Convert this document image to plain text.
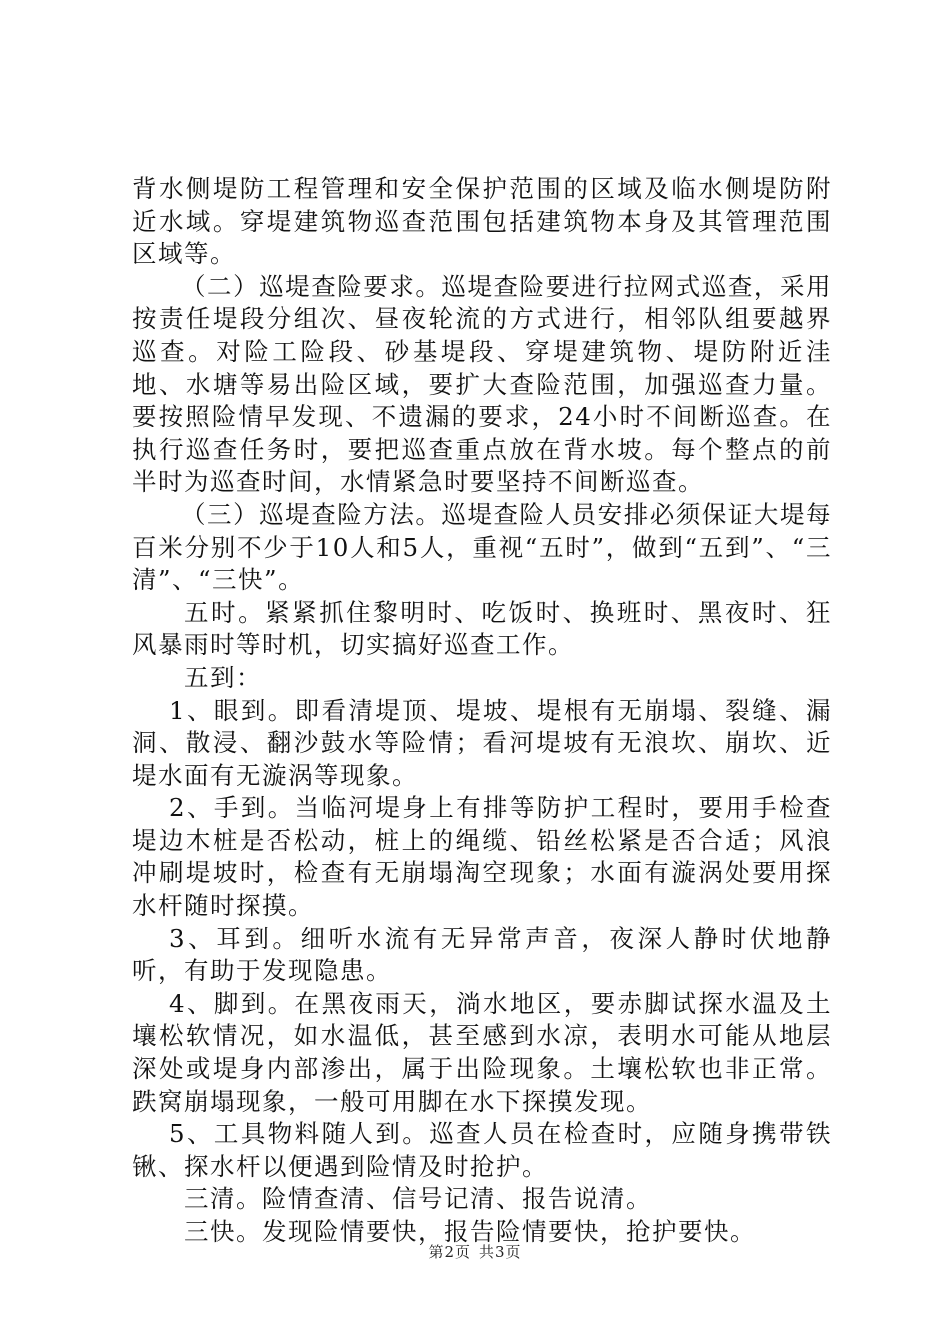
背水侧堤防工程管理和安全保护范围的区域及临水侧堤防附近水域。穿堤建筑物巡查范围包括建筑物本身及其管理范围区域等。

（二）巡堤查险要求。巡堤查险要进行拉网式巡查，采用按责任堤段分组次、昼夜轮流的方式进行，相邻队组要越界巡查。对险工险段、砂基堤段、穿堤建筑物、堤防附近洼地、水塘等易出险区域，要扩大查险范围，加强巡查力量。要按照险情早发现、不遗漏的要求，24小时不间断巡查。在执行巡查任务时，要把巡查重点放在背水坡。每个整点的前半时为巡查时间，水情紧急时要坚持不间断巡查。

（三）巡堤查险方法。巡堤查险人员安排必须保证大堤每百米分别不少于10人和5人，重视“五时”，做到“五到”、“三清”、“三快”。

五时。紧紧抓住黎明时、吃饭时、换班时、黑夜时、狂风暴雨时等时机，切实搞好巡查工作。

五到：

1、眼到。即看清堤顶、堤坡、堤根有无崩塌、裂缝、漏洞、散浸、翻沙鼓水等险情；看河堤坡有无浪坎、崩坎、近堤水面有无漩涡等现象。

2、手到。当临河堤身上有排等防护工程时，要用手检查堤边木桩是否松动，桩上的绳缆、铅丝松紧是否合适；风浪冲刷堤坡时，检查有无崩塌淘空现象；水面有漩涡处要用探水杆随时探摸。

3、耳到。细听水流有无异常声音，夜深人静时伏地静听，有助于发现隐患。

4、脚到。在黑夜雨天，淌水地区，要赤脚试探水温及土壤松软情况，如水温低，甚至感到水凉，表明水可能从地层深处或堤身内部渗出，属于出险现象。土壤松软也非正常。跌窝崩塌现象，一般可用脚在水下探摸发现。

5、工具物料随人到。巡查人员在检查时，应随身携带铁锹、探水杆以便遇到险情及时抢护。

三清。险情查清、信号记清、报告说清。

三快。发现险情要快，报告险情要快，抢护要快。

第2页 共3页
